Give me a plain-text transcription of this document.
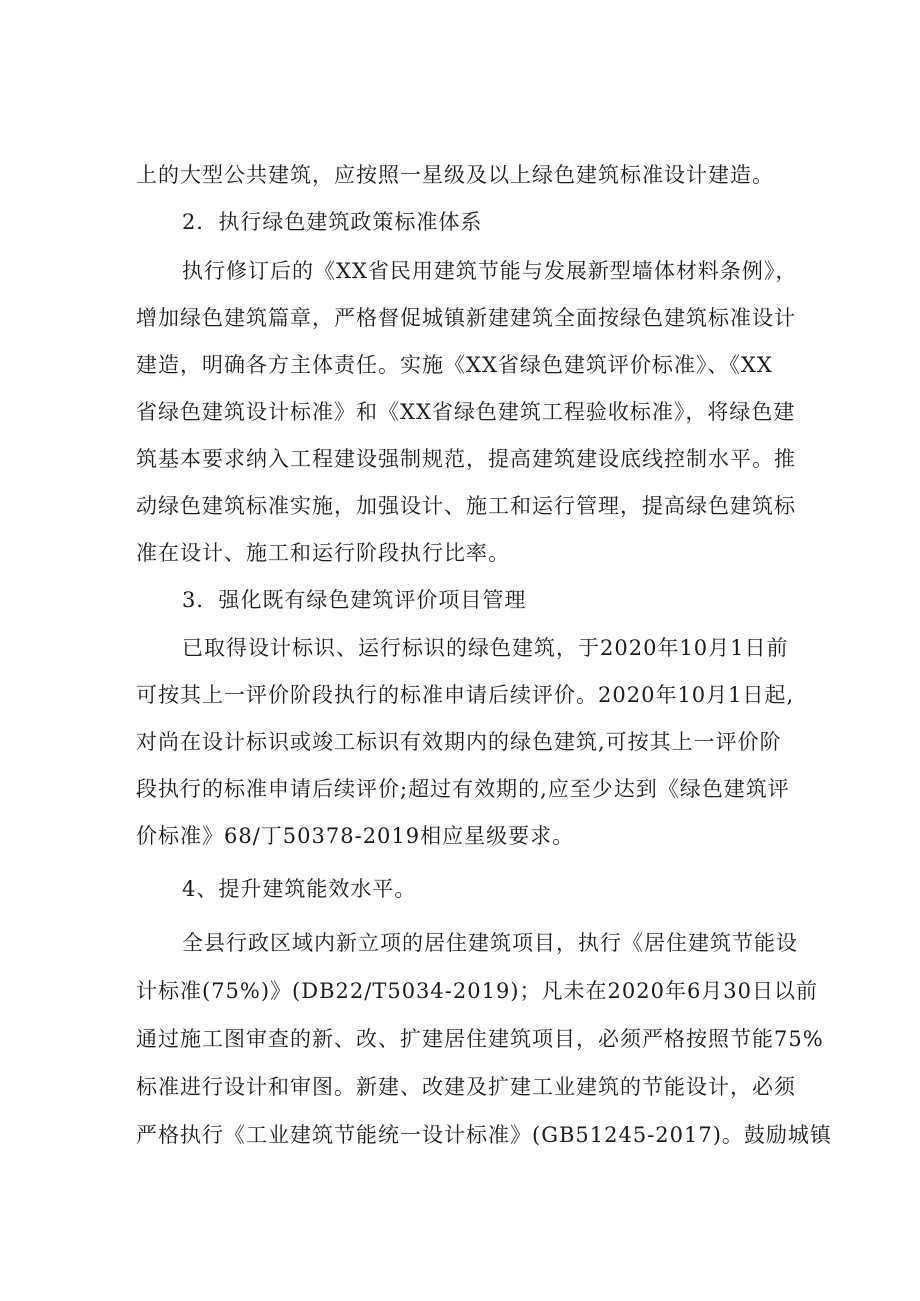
上的大型公共建筑，应按照一星级及以上绿色建筑标准设计建造。
2．执行绿色建筑政策标准体系
执行修订后的《XX省民用建筑节能与发展新型墙体材料条例》，
增加绿色建筑篇章，严格督促城镇新建建筑全面按绿色建筑标准设计
建造，明确各方主体责任。实施《XX省绿色建筑评价标准》、《XX
省绿色建筑设计标准》和《XX省绿色建筑工程验收标准》，将绿色建
筑基本要求纳入工程建设强制规范，提高建筑建设底线控制水平。推
动绿色建筑标准实施，加强设计、施工和运行管理，提高绿色建筑标
准在设计、施工和运行阶段执行比率。
3．强化既有绿色建筑评价项目管理
已取得设计标识、运行标识的绿色建筑，于2020年10月1日前
可按其上一评价阶段执行的标准申请后续评价。2020年10月1日起,
对尚在设计标识或竣工标识有效期内的绿色建筑,可按其上一评价阶
段执行的标准申请后续评价;超过有效期的,应至少达到《绿色建筑评
价标准》68/丁50378-2019相应星级要求。
4、提升建筑能效水平。
全县行政区域内新立项的居住建筑项目，执行《居住建筑节能设
计标准(75%)》(DB22/T5034-2019)；凡未在2020年6月30日以前
通过施工图审查的新、改、扩建居住建筑项目，必须严格按照节能75%
标准进行设计和审图。新建、改建及扩建工业建筑的节能设计，必须
严格执行《工业建筑节能统一设计标准》(GB51245-2017)。鼓励城镇
